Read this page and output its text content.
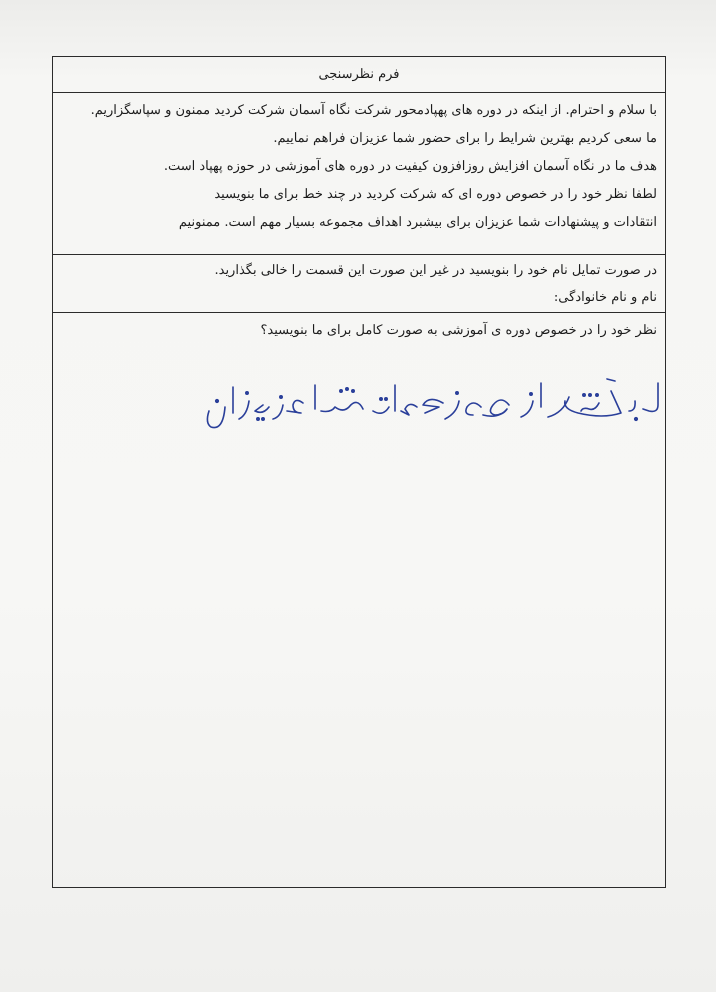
فرم نظرسنجی
با سلام و احترام. از اینکه در دوره های پهپادمحور شرکت نگاه آسمان شرکت کردید ممنون و سپاسگزاریم.
ما سعی کردیم بهترین شرایط را برای حضور شما عزیزان فراهم نماییم.
هدف ما در نگاه آسمان افزایش روزافزون کیفیت در دوره های آموزشی در حوزه پهپاد است.
لطفا نظر خود را در خصوص دوره ای که شرکت کردید در چند خط برای ما بنویسید
انتقادات و پیشنهادات شما عزیزان برای بیشبرد اهداف مجموعه بسیار مهم است. ممنونیم
در صورت تمایل نام خود را بنویسید در غیر این صورت این قسمت را خالی بگذارید.
نام و نام خانوادگی:
نظر خود را در خصوص دوره ی آموزشی به صورت کامل برای ما بنویسید؟
